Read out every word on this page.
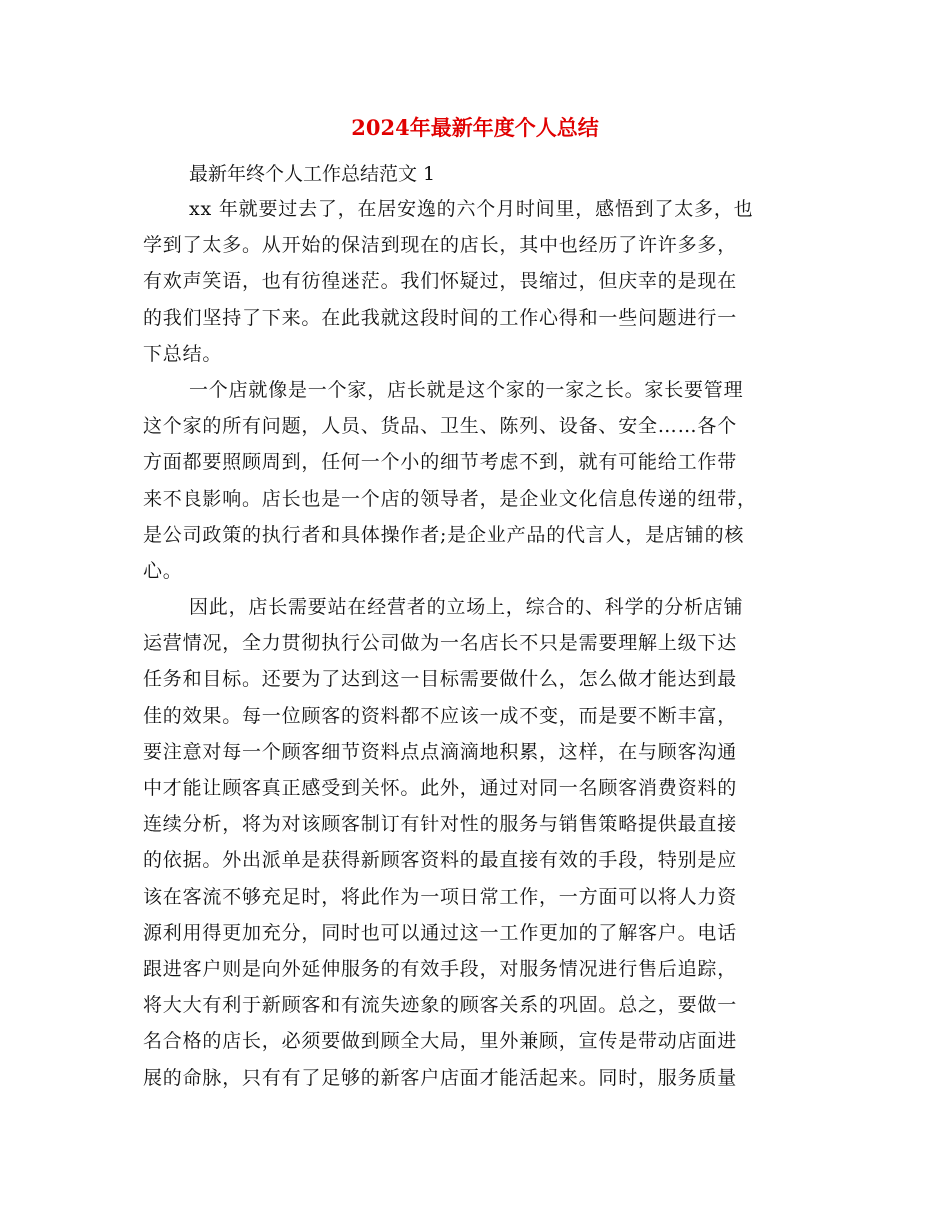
2024年最新年度个人总结

最新年终个人工作总结范文 1

xx 年就要过去了，在居安逸的六个月时间里，感悟到了太多，也
学到了太多。从开始的保洁到现在的店长，其中也经历了许许多多，
有欢声笑语，也有彷徨迷茫。我们怀疑过，畏缩过，但庆幸的是现在
的我们坚持了下来。在此我就这段时间的工作心得和一些问题进行一
下总结。

一个店就像是一个家，店长就是这个家的一家之长。家长要管理
这个家的所有问题，人员、货品、卫生、陈列、设备、安全……各个
方面都要照顾周到，任何一个小的细节考虑不到，就有可能给工作带
来不良影响。店长也是一个店的领导者，是企业文化信息传递的纽带，
是公司政策的执行者和具体操作者;是企业产品的代言人，是店铺的核
心。

因此，店长需要站在经营者的立场上，综合的、科学的分析店铺
运营情况，全力贯彻执行公司做为一名店长不只是需要理解上级下达
任务和目标。还要为了达到这一目标需要做什么，怎么做才能达到最
佳的效果。每一位顾客的资料都不应该一成不变，而是要不断丰富，
要注意对每一个顾客细节资料点点滴滴地积累，这样，在与顾客沟通
中才能让顾客真正感受到关怀。此外，通过对同一名顾客消费资料的
连续分析，将为对该顾客制订有针对性的服务与销售策略提供最直接
的依据。外出派单是获得新顾客资料的最直接有效的手段，特别是应
该在客流不够充足时，将此作为一项日常工作，一方面可以将人力资
源利用得更加充分，同时也可以通过这一工作更加的了解客户。电话
跟进客户则是向外延伸服务的有效手段，对服务情况进行售后追踪，
将大大有利于新顾客和有流失迹象的顾客关系的巩固。总之，要做一
名合格的店长，必须要做到顾全大局，里外兼顾，宣传是带动店面进
展的命脉，只有有了足够的新客户店面才能活起来。同时，服务质量
